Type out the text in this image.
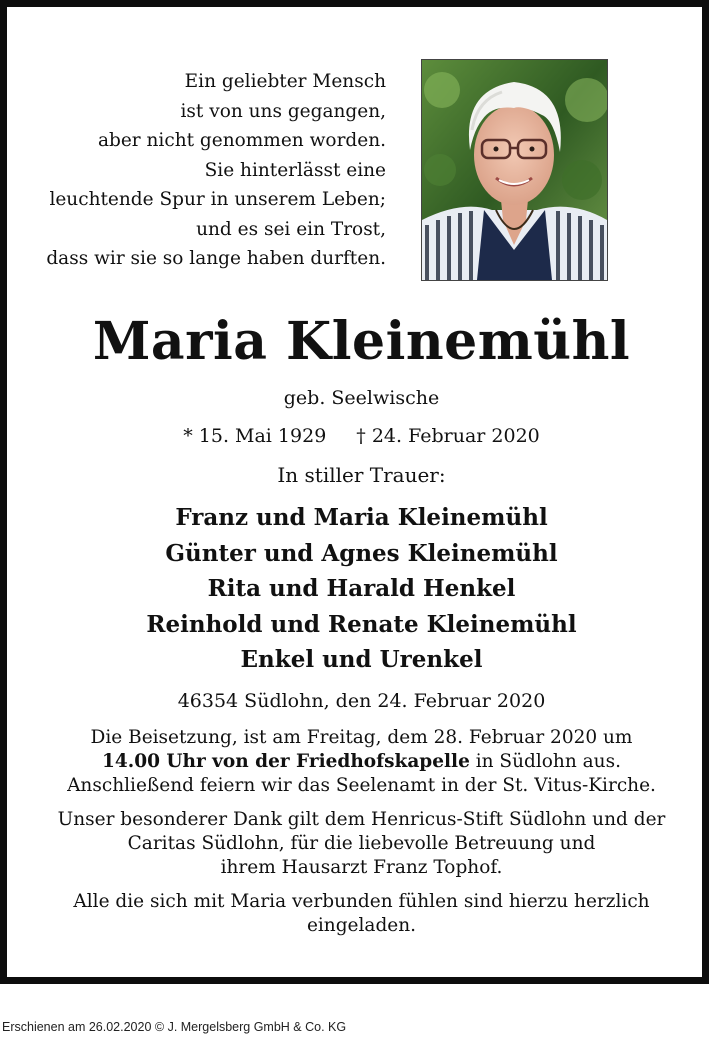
Ein geliebter Mensch
ist von uns gegangen,
aber nicht genommen worden.
Sie hinterlässt eine
leuchtende Spur in unserem Leben;
und es sei ein Trost,
dass wir sie so lange haben durften.
Maria Kleinemühl
geb. Seelwische
* 15. Mai 1929 † 24. Februar 2020
In stiller Trauer:
Franz und Maria Kleinemühl
Günter und Agnes Kleinemühl
Rita und Harald Henkel
Reinhold und Renate Kleinemühl
Enkel und Urenkel
46354 Südlohn, den 24. Februar 2020
Die Beisetzung, ist am Freitag, dem 28. Februar 2020 um
14.00 Uhr von der Friedhofskapelle in Südlohn aus.
Anschließend feiern wir das Seelenamt in der St. Vitus-Kirche.
Unser besonderer Dank gilt dem Henricus-Stift Südlohn und der
Caritas Südlohn, für die liebevolle Betreuung und
ihrem Hausarzt Franz Tophof.
Alle die sich mit Maria verbunden fühlen sind hierzu herzlich
eingeladen.
Erschienen am 26.02.2020 © J. Mergelsberg GmbH & Co. KG
